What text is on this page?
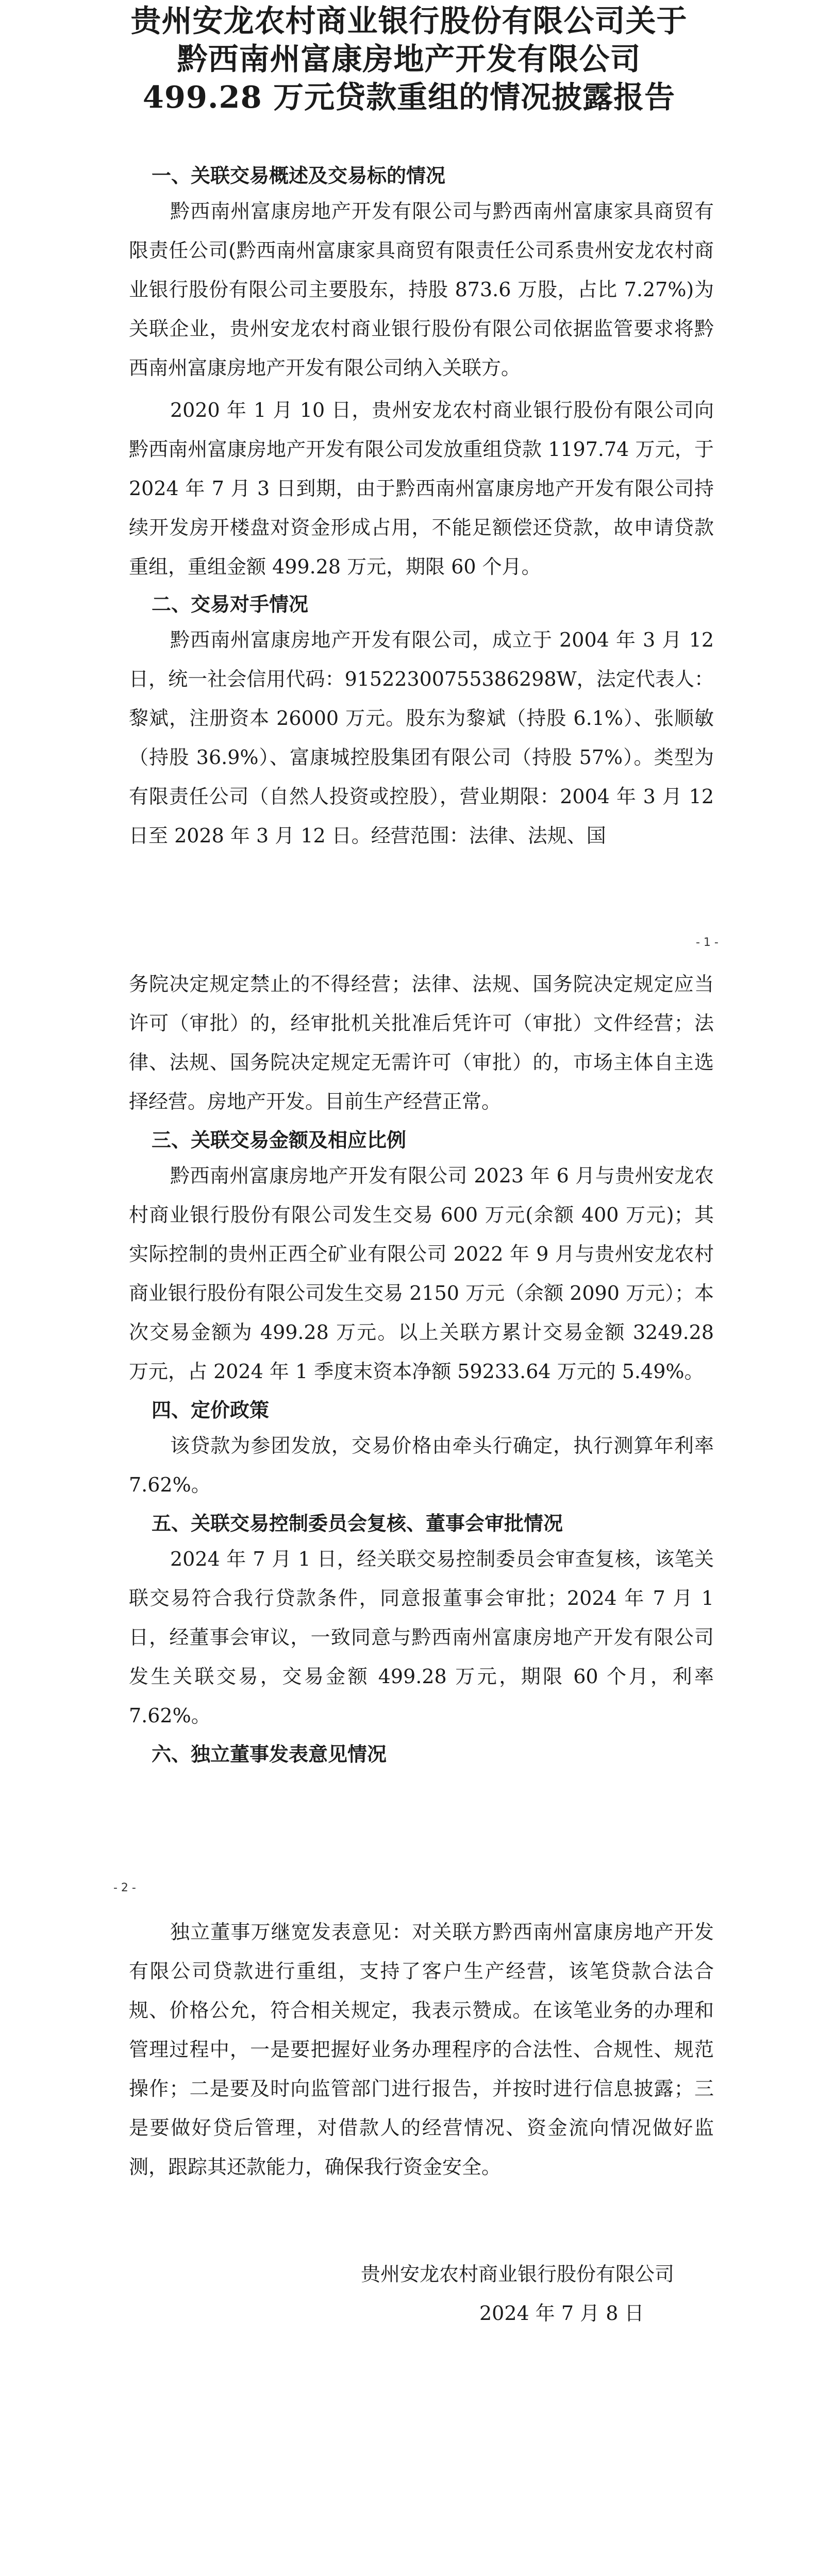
贵州安龙农村商业银行股份有限公司关于
黔西南州富康房地产开发有限公司
499.28 万元贷款重组的情况披露报告

一、关联交易概述及交易标的情况

黔西南州富康房地产开发有限公司与黔西南州富康家具商贸有限责任公司(黔西南州富康家具商贸有限责任公司系贵州安龙农村商业银行股份有限公司主要股东，持股 873.6 万股，占比 7.27%)为关联企业，贵州安龙农村商业银行股份有限公司依据监管要求将黔西南州富康房地产开发有限公司纳入关联方。

2020 年 1 月 10 日，贵州安龙农村商业银行股份有限公司向黔西南州富康房地产开发有限公司发放重组贷款 1197.74 万元，于 2024 年 7 月 3 日到期，由于黔西南州富康房地产开发有限公司持续开发房开楼盘对资金形成占用，不能足额偿还贷款，故申请贷款重组，重组金额 499.28 万元，期限 60 个月。

二、交易对手情况

黔西南州富康房地产开发有限公司，成立于 2004 年 3 月 12 日，统一社会信用代码：91522300755386298W，法定代表人：黎斌，注册资本 26000 万元。股东为黎斌（持股 6.1%）、张顺敏（持股 36.9%）、富康城控股集团有限公司（持股 57%）。类型为有限责任公司（自然人投资或控股），营业期限：2004 年 3 月 12 日至 2028 年 3 月 12 日。经营范围：法律、法规、国

- 1 -

务院决定规定禁止的不得经营；法律、法规、国务院决定规定应当许可（审批）的，经审批机关批准后凭许可（审批）文件经营；法律、法规、国务院决定规定无需许可（审批）的，市场主体自主选择经营。房地产开发。目前生产经营正常。

三、关联交易金额及相应比例

黔西南州富康房地产开发有限公司 2023 年 6 月与贵州安龙农村商业银行股份有限公司发生交易 600 万元(余额 400 万元)；其实际控制的贵州正西仝矿业有限公司 2022 年 9 月与贵州安龙农村商业银行股份有限公司发生交易 2150 万元（余额 2090 万元）；本次交易金额为 499.28 万元。以上关联方累计交易金额 3249.28 万元，占 2024 年 1 季度末资本净额 59233.64 万元的 5.49%。

四、定价政策

该贷款为参团发放，交易价格由牵头行确定，执行测算年利率 7.62%。

五、关联交易控制委员会复核、董事会审批情况

2024 年 7 月 1 日，经关联交易控制委员会审查复核，该笔关联交易符合我行贷款条件，同意报董事会审批；2024 年 7 月 1 日，经董事会审议，一致同意与黔西南州富康房地产开发有限公司发生关联交易，交易金额 499.28 万元，期限 60 个月，利率 7.62%。

六、独立董事发表意见情况

- 2 -

独立董事万继宽发表意见：对关联方黔西南州富康房地产开发有限公司贷款进行重组，支持了客户生产经营，该笔贷款合法合规、价格公允，符合相关规定，我表示赞成。在该笔业务的办理和管理过程中，一是要把握好业务办理程序的合法性、合规性、规范操作；二是要及时向监管部门进行报告，并按时进行信息披露；三是要做好贷后管理，对借款人的经营情况、资金流向情况做好监测，跟踪其还款能力，确保我行资金安全。

贵州安龙农村商业银行股份有限公司
2024 年 7 月 8 日
